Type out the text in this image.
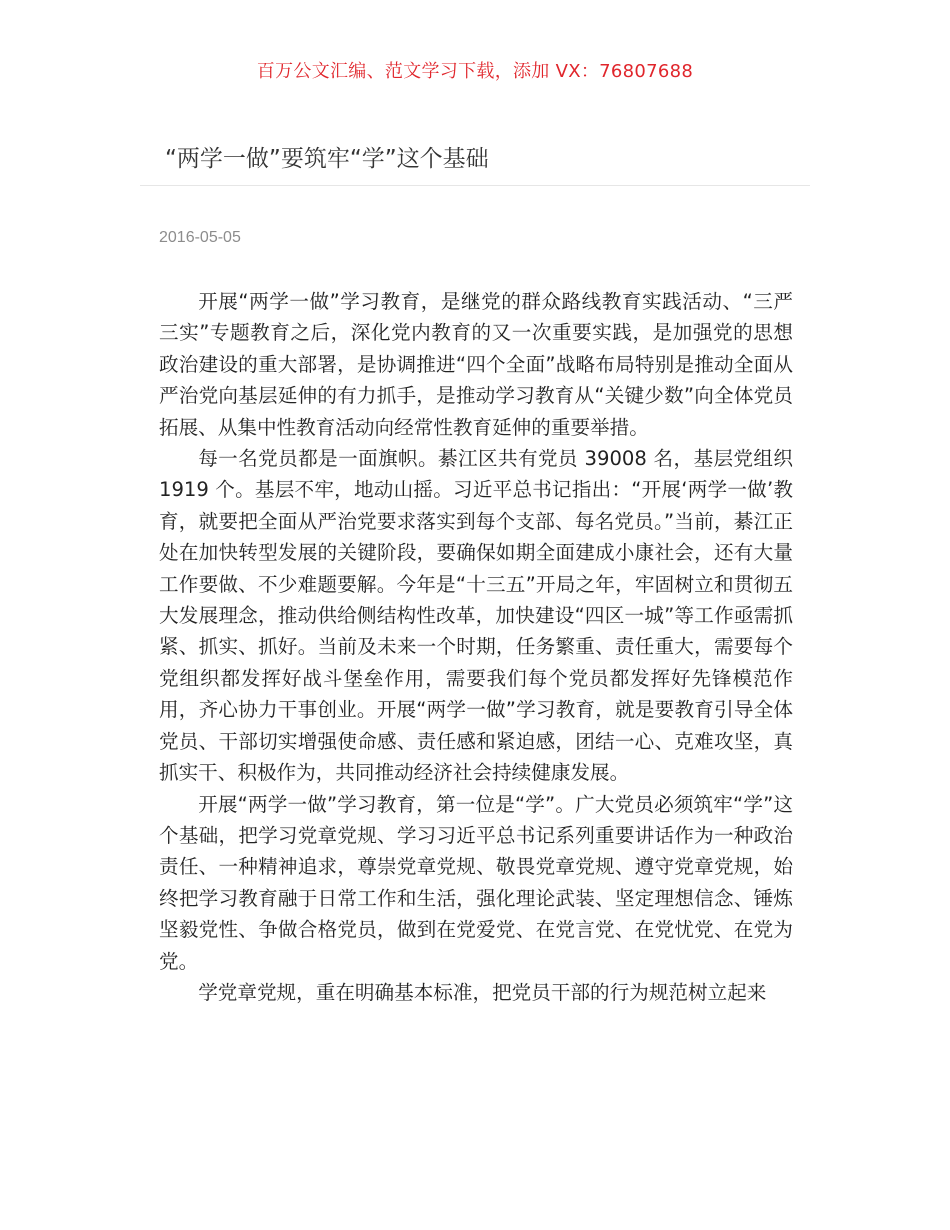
百万公文汇编、范文学习下载，添加 VX：76807688
“两学一做”要筑牢“学”这个基础
2016-05-05

开展“两学一做”学习教育，是继党的群众路线教育实践活动、“三严三实”专题教育之后，深化党内教育的又一次重要实践，是加强党的思想政治建设的重大部署，是协调推进“四个全面”战略布局特别是推动全面从严治党向基层延伸的有力抓手，是推动学习教育从“关键少数”向全体党员拓展、从集中性教育活动向经常性教育延伸的重要举措。

每一名党员都是一面旗帜。綦江区共有党员 39008 名，基层党组织 1919 个。基层不牢，地动山摇。习近平总书记指出：“开展‘两学一做’教育，就要把全面从严治党要求落实到每个支部、每名党员。”当前，綦江正处在加快转型发展的关键阶段，要确保如期全面建成小康社会，还有大量工作要做、不少难题要解。今年是“十三五”开局之年，牢固树立和贯彻五大发展理念，推动供给侧结构性改革，加快建设“四区一城”等工作亟需抓紧、抓实、抓好。当前及未来一个时期，任务繁重、责任重大，需要每个党组织都发挥好战斗堡垒作用，需要我们每个党员都发挥好先锋模范作用，齐心协力干事创业。开展“两学一做”学习教育，就是要教育引导全体党员、干部切实增强使命感、责任感和紧迫感，团结一心、克难攻坚，真抓实干、积极作为，共同推动经济社会持续健康发展。

开展“两学一做”学习教育，第一位是“学”。广大党员必须筑牢“学”这个基础，把学习党章党规、学习习近平总书记系列重要讲话作为一种政治责任、一种精神追求，尊崇党章党规、敬畏党章党规、遵守党章党规，始终把学习教育融于日常工作和生活，强化理论武装、坚定理想信念、锤炼坚毅党性、争做合格党员，做到在党爱党、在党言党、在党忧党、在党为党。

学党章党规，重在明确基本标准，把党员干部的行为规范树立起来
